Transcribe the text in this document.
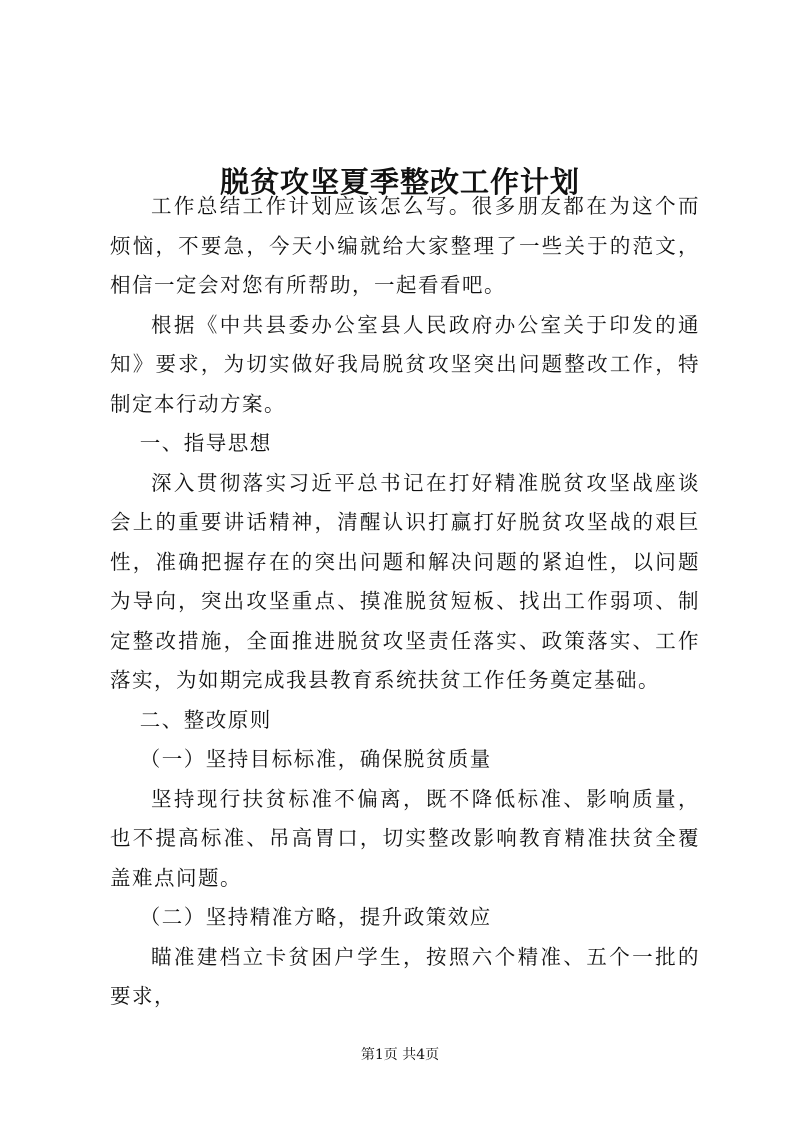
脱贫攻坚夏季整改工作计划

工作总结工作计划应该怎么写。很多朋友都在为这个而烦恼，不要急，今天小编就给大家整理了一些关于的范文，相信一定会对您有所帮助，一起看看吧。

根据《中共县委办公室县人民政府办公室关于印发的通知》要求，为切实做好我局脱贫攻坚突出问题整改工作，特制定本行动方案。

一、指导思想

深入贯彻落实习近平总书记在打好精准脱贫攻坚战座谈会上的重要讲话精神，清醒认识打赢打好脱贫攻坚战的艰巨性，准确把握存在的突出问题和解决问题的紧迫性，以问题为导向，突出攻坚重点、摸准脱贫短板、找出工作弱项、制定整改措施，全面推进脱贫攻坚责任落实、政策落实、工作落实，为如期完成我县教育系统扶贫工作任务奠定基础。

二、整改原则

（一）坚持目标标准，确保脱贫质量

坚持现行扶贫标准不偏离，既不降低标准、影响质量，也不提高标准、吊高胃口，切实整改影响教育精准扶贫全覆盖难点问题。

（二）坚持精准方略，提升政策效应

瞄准建档立卡贫困户学生，按照六个精准、五个一批的要求，

第1页 共4页
